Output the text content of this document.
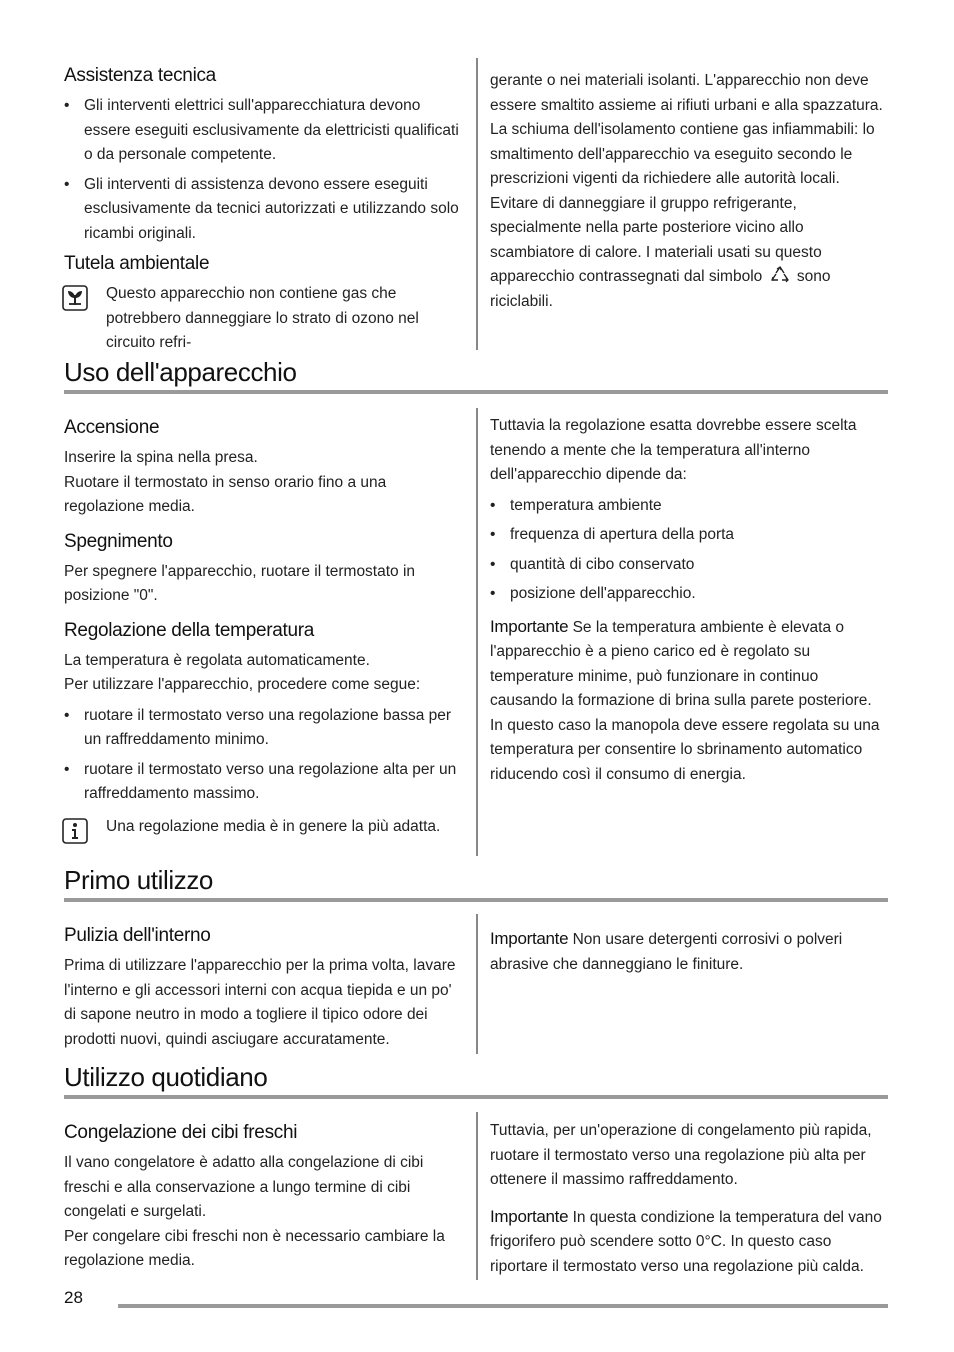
Assistenza tecnica
• Gli interventi elettrici sull'apparecchiatura devono essere eseguiti esclusivamente da elettricisti qualificati o da personale competente.
• Gli interventi di assistenza devono essere eseguiti esclusivamente da tecnici autorizzati e utilizzando solo ricambi originali.
Tutela ambientale

Questo apparecchio non contiene gas che potrebbero danneggiare lo strato di ozono nel circuito refri-

gerante o nei materiali isolanti. L'apparecchio non deve essere smaltito assieme ai rifiuti urbani e alla spazzatura. La schiuma dell'isolamento contiene gas infiammabili: lo smaltimento dell'apparecchio va eseguito secondo le prescrizioni vigenti da richiedere alle autorità locali. Evitare di danneggiare il gruppo refrigerante, specialmente nella parte posteriore vicino allo scambiatore di calore. I materiali usati su questo apparecchio contrassegnati dal simbolo sono riciclabili.

Uso dell'apparecchio
Accensione

Inserire la spina nella presa.

Ruotare il termostato in senso orario fino a una regolazione media.

Spegnimento

Per spegnere l'apparecchio, ruotare il termostato in posizione "0".

Regolazione della temperatura

La temperatura è regolata automaticamente.

Per utilizzare l'apparecchio, procedere come segue:

• ruotare il termostato verso una regolazione bassa per un raffreddamento minimo.
• ruotare il termostato verso una regolazione alta per un raffreddamento massimo.

Una regolazione media è in genere la più adatta.

Tuttavia la regolazione esatta dovrebbe essere scelta tenendo a mente che la temperatura all'interno dell'apparecchio dipende da:

• temperatura ambiente
• frequenza di apertura della porta
• quantità di cibo conservato
• posizione dell'apparecchio.

Importante Se la temperatura ambiente è elevata o l'apparecchio è a pieno carico ed è regolato su temperature minime, può funzionare in continuo causando la formazione di brina sulla parete posteriore. In questo caso la manopola deve essere regolata su una temperatura per consentire lo sbrinamento automatico riducendo così il consumo di energia.

Primo utilizzo
Pulizia dell'interno

Prima di utilizzare l'apparecchio per la prima volta, lavare l'interno e gli accessori interni con acqua tiepida e un po' di sapone neutro in modo a togliere il tipico odore dei prodotti nuovi, quindi asciugare accuratamente.

Importante Non usare detergenti corrosivi o polveri abrasive che danneggiano le finiture.

Utilizzo quotidiano
Congelazione dei cibi freschi

Il vano congelatore è adatto alla congelazione di cibi freschi e alla conservazione a lungo termine di cibi congelati e surgelati.

Per congelare cibi freschi non è necessario cambiare la regolazione media.

Tuttavia, per un'operazione di congelamento più rapida, ruotare il termostato verso una regolazione più alta per ottenere il massimo raffreddamento.

Importante In questa condizione la temperatura del vano frigorifero può scendere sotto 0°C. In questo caso riportare il termostato verso una regolazione più calda.

28
